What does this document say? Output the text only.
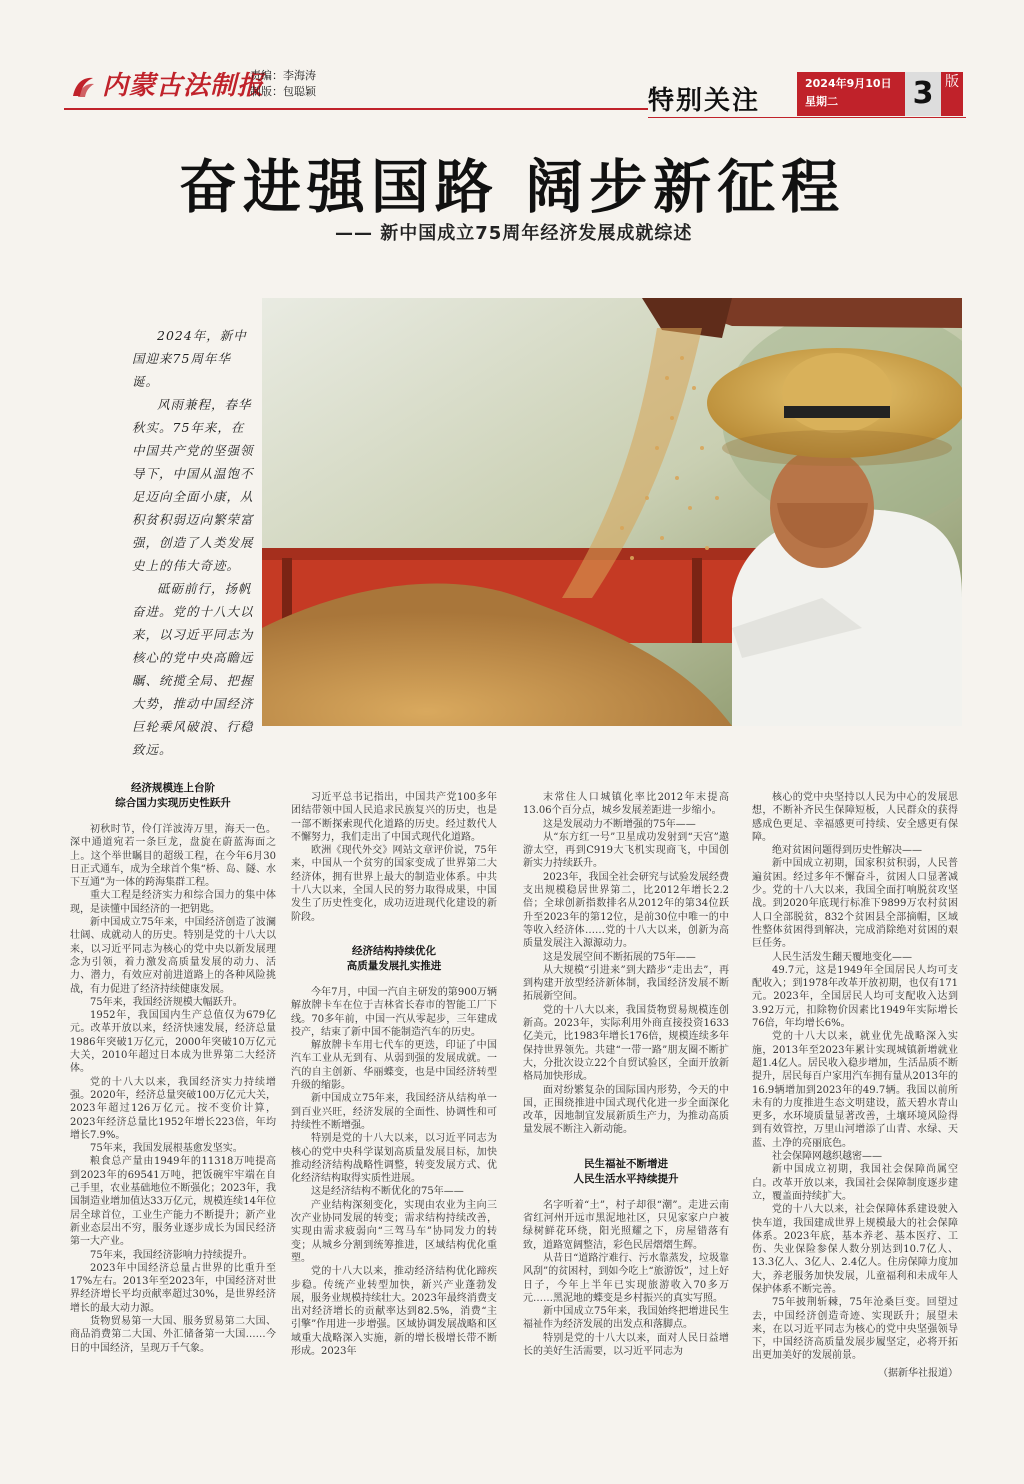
内蒙古法制报
责编：李海涛
制版：包聪颖	特别关注
2024年9月10日
星期二	3 版
奋进强国路 阔步新征程
—— 新中国成立75周年经济发展成就综述

2024年，新中国迎来75周年华诞。

风雨兼程，春华秋实。75年来，在中国共产党的坚强领导下，中国从温饱不足迈向全面小康，从积贫积弱迈向繁荣富强，创造了人类发展史上的伟大奇迹。

砥砺前行，扬帆奋进。党的十八大以来，以习近平同志为核心的党中央高瞻远瞩、统揽全局、把握大势，推动中国经济巨轮乘风破浪、行稳致远。

经济规模连上台阶
综合国力实现历史性跃升

初秋时节，伶仃洋波涛万里，海天一色。深中通道宛若一条巨龙，盘旋在蔚蓝海面之上。这个举世瞩目的超级工程，在今年6月30日正式通车，成为全球首个集“桥、岛、隧、水下互通”为一体的跨海集群工程。

重大工程是经济实力和综合国力的集中体现，是读懂中国经济的一把钥匙。

新中国成立75年来，中国经济创造了波澜壮阔、成就动人的历史。特别是党的十八大以来，以习近平同志为核心的党中央以新发展理念为引领，着力激发高质量发展的动力、活力、潜力，有效应对前进道路上的各种风险挑战，有力促进了经济持续健康发展。

75年来，我国经济规模大幅跃升。

1952年，我国国内生产总值仅为679亿元。改革开放以来，经济快速发展，经济总量1986年突破1万亿元，2000年突破10万亿元大关，2010年超过日本成为世界第二大经济体。

党的十八大以来，我国经济实力持续增强。2020年，经济总量突破100万亿元大关，2023年超过126万亿元。按不变价计算，2023年经济总量比1952年增长223倍，年均增长7.9%。

75年来，我国发展根基愈发坚实。

粮食总产量由1949年的11318万吨提高到2023年的69541万吨，把饭碗牢牢端在自己手里，农业基础地位不断强化；2023年，我国制造业增加值达33万亿元，规模连续14年位居全球首位，工业生产能力不断提升；新产业新业态层出不穷，服务业逐步成长为国民经济第一大产业。

75年来，我国经济影响力持续提升。

2023年中国经济总量占世界的比重升至17%左右。2013年至2023年，中国经济对世界经济增长平均贡献率超过30%，是世界经济增长的最大动力源。

货物贸易第一大国、服务贸易第二大国、商品消费第二大国、外汇储备第一大国……今日的中国经济，呈现万千气象。

习近平总书记指出，中国共产党100多年团结带领中国人民追求民族复兴的历史，也是一部不断探索现代化道路的历史。经过数代人不懈努力，我们走出了中国式现代化道路。

欧洲《现代外交》网站文章评价说，75年来，中国从一个贫穷的国家变成了世界第二大经济体，拥有世界上最大的制造业体系。中共十八大以来，全国人民的努力取得成果，中国发生了历史性变化，成功迈进现代化建设的新阶段。

经济结构持续优化
高质量发展扎实推进

今年7月，中国一汽自主研发的第900万辆解放牌卡车在位于吉林省长春市的智能工厂下线。70多年前，中国一汽从零起步，三年建成投产，结束了新中国不能制造汽车的历史。

解放牌卡车用七代车的更迭，印证了中国汽车工业从无到有、从弱到强的发展成就。一汽的自主创新、华丽蝶变，也是中国经济转型升级的缩影。

新中国成立75年来，我国经济从结构单一到百业兴旺，经济发展的全面性、协调性和可持续性不断增强。

特别是党的十八大以来，以习近平同志为核心的党中央科学谋划高质量发展目标，加快推动经济结构战略性调整，转变发展方式、优化经济结构取得实质性进展。

这是经济结构不断优化的75年——

产业结构深刻变化，实现由农业为主向三次产业协同发展的转变；需求结构持续改善，实现由需求疲弱向“三驾马车”协同发力的转变；从城乡分割到统筹推进，区域结构优化重塑。

党的十八大以来，推动经济结构优化蹄疾步稳。传统产业转型加快，新兴产业蓬勃发展，服务业规模持续壮大。2023年最终消费支出对经济增长的贡献率达到82.5%，消费“主引擎”作用进一步增强。区域协调发展战略和区域重大战略深入实施，新的增长极增长带不断形成。2023年

末常住人口城镇化率比2012年末提高13.06个百分点，城乡发展差距进一步缩小。

这是发展动力不断增强的75年——

从“东方红一号”卫星成功发射到“天宫”遨游太空，再到C919大飞机实现商飞，中国创新实力持续跃升。

2023年，我国全社会研究与试验发展经费支出规模稳居世界第二，比2012年增长2.2倍；全球创新指数排名从2012年的第34位跃升至2023年的第12位，是前30位中唯一的中等收入经济体……党的十八大以来，创新为高质量发展注入源源动力。

这是发展空间不断拓展的75年——

从大规模“引进来”到大踏步“走出去”，再到构建开放型经济新体制，我国经济发展不断拓展新空间。

党的十八大以来，我国货物贸易规模连创新高。2023年，实际利用外商直接投资1633亿美元，比1983年增长176倍，规模连续多年保持世界领先。共建“一带一路”朋友圈不断扩大，分批次设立22个自贸试验区，全面开放新格局加快形成。

面对纷繁复杂的国际国内形势，今天的中国，正围绕推进中国式现代化进一步全面深化改革，因地制宜发展新质生产力，为推动高质量发展不断注入新动能。

民生福祉不断增进
人民生活水平持续提升

名字听着“土”，村子却很“潮”。走进云南省红河州开远市黑泥地社区，只见家家户户被绿树鲜花环绕，阳光照耀之下，房屋错落有致，道路宽阔整洁，彩色民居熠熠生辉。

从昔日“道路泞难行、污水靠蒸发，垃圾靠风刮”的贫困村，到如今吃上“旅游饭”，过上好日子，今年上半年已实现旅游收入70多万元……黑泥地的蝶变是乡村振兴的真实写照。

新中国成立75年来，我国始终把增进民生福祉作为经济发展的出发点和落脚点。

特别是党的十八大以来，面对人民日益增长的美好生活需要，以习近平同志为

核心的党中央坚持以人民为中心的发展思想，不断补齐民生保障短板，人民群众的获得感成色更足、幸福感更可持续、安全感更有保障。

绝对贫困问题得到历史性解决——

新中国成立初期，国家积贫积弱，人民普遍贫困。经过多年不懈奋斗，贫困人口显著减少。党的十八大以来，我国全面打响脱贫攻坚战。到2020年底现行标准下9899万农村贫困人口全部脱贫，832个贫困县全部摘帽，区域性整体贫困得到解决，完成消除绝对贫困的艰巨任务。

人民生活发生翻天覆地变化——

49.7元，这是1949年全国居民人均可支配收入；到1978年改革开放初期，也仅有171元。2023年，全国居民人均可支配收入达到3.92万元，扣除物价因素比1949年实际增长76倍，年均增长6%。

党的十八大以来，就业优先战略深入实施，2013年至2023年累计实现城镇新增就业超1.4亿人。居民收入稳步增加，生活品质不断提升，居民每百户家用汽车拥有量从2013年的16.9辆增加到2023年的49.7辆。我国以前所未有的力度推进生态文明建设，蓝天碧水青山更多，水环境质量显著改善，土壤环境风险得到有效管控，万里山河增添了山青、水绿、天蓝、土净的亮丽底色。

社会保障网越织越密——

新中国成立初期，我国社会保障尚属空白。改革开放以来，我国社会保障制度逐步建立，覆盖面持续扩大。

党的十八大以来，社会保障体系建设驶入快车道，我国建成世界上规模最大的社会保障体系。2023年底，基本养老、基本医疗、工伤、失业保险参保人数分别达到10.7亿人、13.3亿人、3亿人、2.4亿人。住房保障力度加大，养老服务加快发展，儿童福利和未成年人保护体系不断完善。

75年披荆斩棘，75年沧桑巨变。回望过去，中国经济创造奇迹、实现跃升；展望未来，在以习近平同志为核心的党中央坚强领导下，中国经济高质量发展步履坚定，必将开拓出更加美好的发展前景。

（据新华社报道）
